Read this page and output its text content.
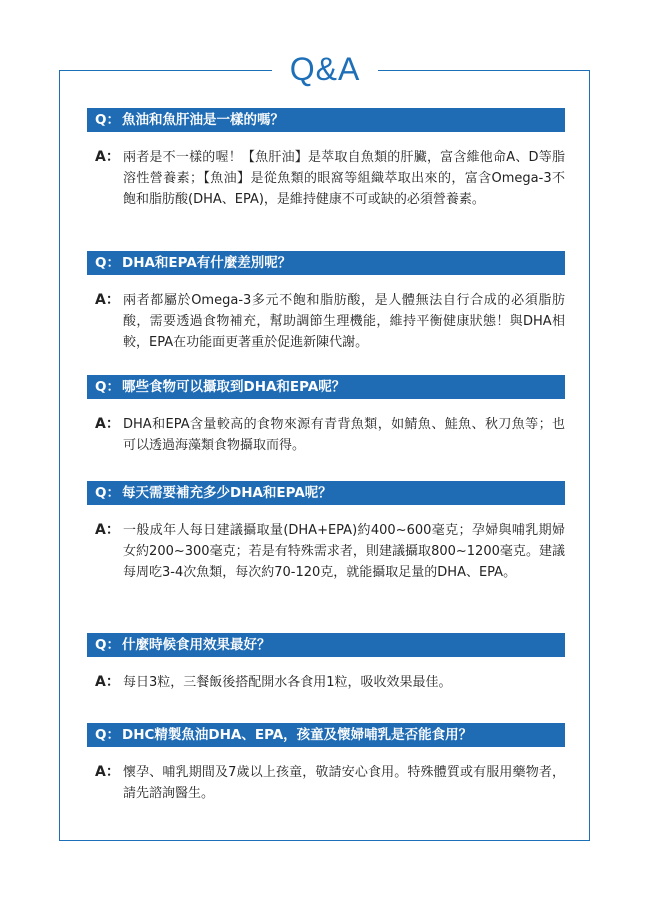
Q&A
Q： 魚油和魚肝油是一樣的嗎？
A： 兩者是不一樣的喔！【魚肝油】是萃取自魚類的肝臟，富含維他命A、D等脂溶性營養素；【魚油】是從魚類的眼窩等組織萃取出來的，富含Omega-3不飽和脂肪酸(DHA、EPA)，是維持健康不可或缺的必須營養素。
Q： DHA和EPA有什麼差別呢？
A： 兩者都屬於Omega-3多元不飽和脂肪酸，是人體無法自行合成的必須脂肪酸，需要透過食物補充，幫助調節生理機能，維持平衡健康狀態！與DHA相較，EPA在功能面更著重於促進新陳代謝。
Q： 哪些食物可以攝取到DHA和EPA呢？
A： DHA和EPA含量較高的食物來源有青背魚類，如鯖魚、鮭魚、秋刀魚等；也可以透過海藻類食物攝取而得。
Q： 每天需要補充多少DHA和EPA呢？
A： 一般成年人每日建議攝取量(DHA+EPA)約400~600毫克；孕婦與哺乳期婦女約200~300毫克；若是有特殊需求者，則建議攝取800~1200毫克。建議每周吃3-4次魚類，每次約70-120克，就能攝取足量的DHA、EPA。
Q： 什麼時候食用效果最好？
A： 每日3粒，三餐飯後搭配開水各食用1粒，吸收效果最佳。
Q： DHC精製魚油DHA、EPA，孩童及懷婦哺乳是否能食用？
A： 懷孕、哺乳期間及7歲以上孩童，敬請安心食用。特殊體質或有服用藥物者，請先諮詢醫生。
